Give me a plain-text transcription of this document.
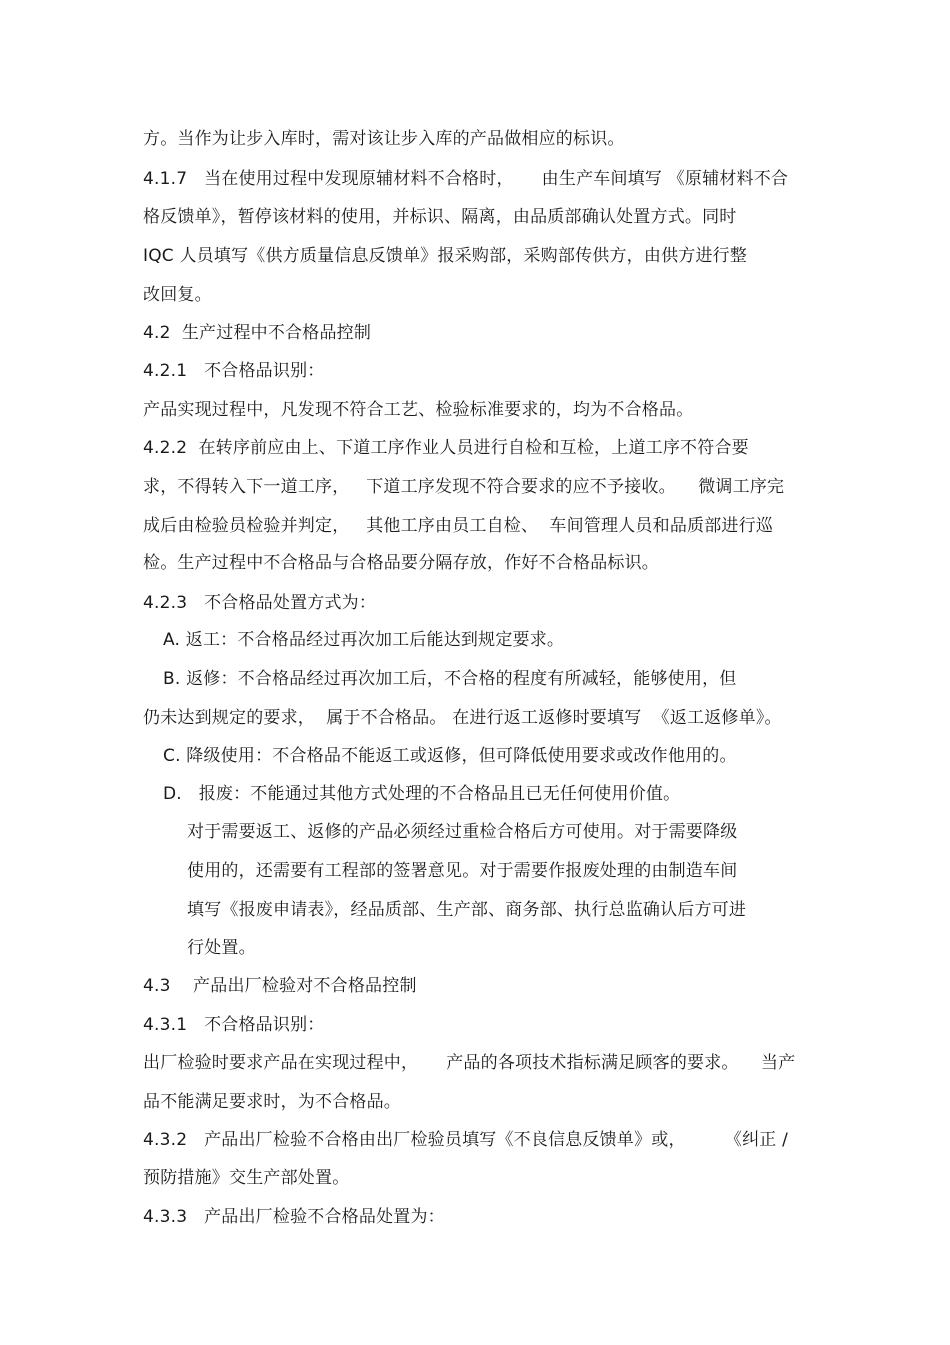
方。当作为让步入库时，需对该让步入库的产品做相应的标识。
4.1.7   当在使用过程中发现原辅材料不合格时，     由生产车间填写 《原辅材料不合
格反馈单》，暂停该材料的使用，并标识、隔离，由品质部确认处置方式。同时
IQC 人员填写《供方质量信息反馈单》报采购部，采购部传供方，由供方进行整
改回复。
4.2  生产过程中不合格品控制
4.2.1   不合格品识别：
产品实现过程中，凡发现不符合工艺、检验标准要求的，均为不合格品。
4.2.2  在转序前应由上、下道工序作业人员进行自检和互检，上道工序不符合要
求，不得转入下一道工序，   下道工序发现不符合要求的应不予接收。    微调工序完
成后由检验员检验并判定，   其他工序由员工自检、  车间管理人员和品质部进行巡
检。生产过程中不合格品与合格品要分隔存放，作好不合格品标识。
4.2.3   不合格品处置方式为：
A. 返工：不合格品经过再次加工后能达到规定要求。
B. 返修：不合格品经过再次加工后，不合格的程度有所减轻，能够使用，但
仍未达到规定的要求，  属于不合格品。 在进行返工返修时要填写  《返工返修单》。
C. 降级使用：不合格品不能返工或返修，但可降低使用要求或改作他用的。
D.   报废：不能通过其他方式处理的不合格品且已无任何使用价值。
对于需要返工、返修的产品必须经过重检合格后方可使用。对于需要降级
使用的，还需要有工程部的签署意见。对于需要作报废处理的由制造车间
填写《报废申请表》，经品质部、生产部、商务部、执行总监确认后方可进
行处置。
4.3    产品出厂检验对不合格品控制
4.3.1   不合格品识别：
出厂检验时要求产品在实现过程中，     产品的各项技术指标满足顾客的要求。    当产
品不能满足要求时，为不合格品。
4.3.2   产品出厂检验不合格由出厂检验员填写《不良信息反馈单》或，       《纠正 /
预防措施》交生产部处置。
4.3.3   产品出厂检验不合格品处置为：
